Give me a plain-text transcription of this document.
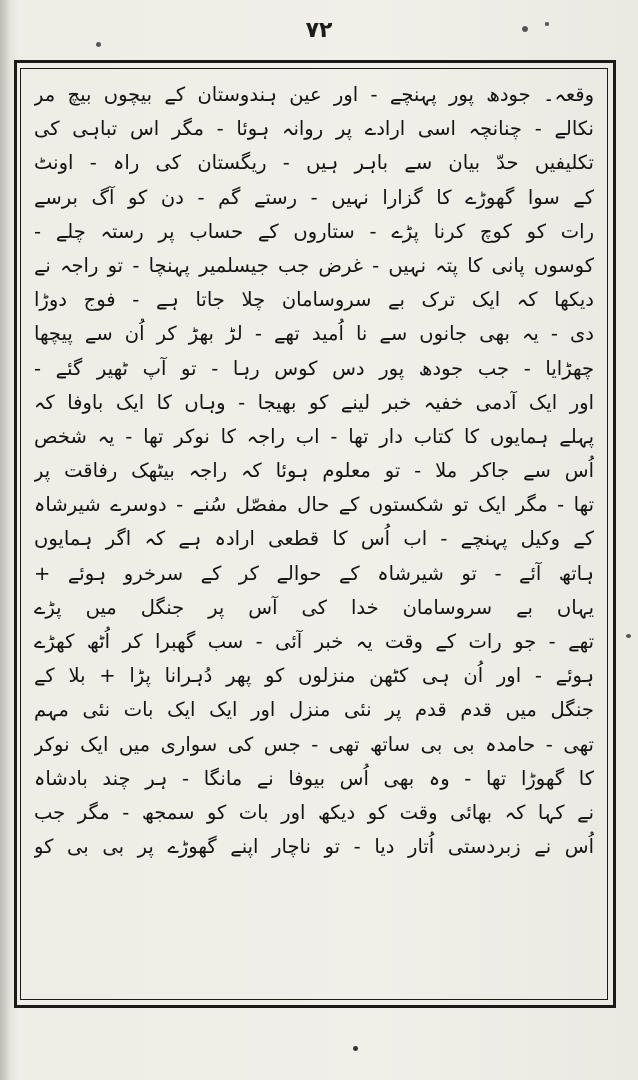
۷۲
وقعہ۔ جودھ پور پہنچے - اور عین ہندوستان کے بیچوں بیچ مر
نکالے - چنانچہ اسی ارادے پر روانہ ہوئا - مگر اس تباہی کی
تکلیفیں حدّ بیان سے باہر ہیں - ریگستان کی راہ - اونٹ
کے سوا گھوڑے کا گزارا نہیں - رستے گم - دن کو آگ برسے
رات کو کوچ کرنا پڑے - ستاروں کے حساب پر رستہ چلے -
کوسوں پانی کا پتہ نہیں - غرض جب جیسلمیر پہنچا - تو راجہ نے
دیکھا کہ ایک ترک بے سروسامان چلا جاتا ہے - فوج دوڑا
دی - یہ بھی جانوں سے نا اُمید تھے - لڑ بھڑ کر اُن سے پیچھا
چھڑایا - جب جودھ پور دس کوس رہا - تو آپ ٹھیر گئے -
اور ایک آدمی خفیہ خبر لینے کو بھیجا - وہاں کا ایک باوفا کہ
پہلے ہمایوں کا کتاب دار تھا - اب راجہ کا نوکر تھا - یہ شخص
اُس سے جاکر ملا - تو معلوم ہوئا کہ راجہ بیٹھک رفاقت پر
تھا - مگر ایک تو شکستوں کے حال مفصّل سُنے - دوسرے شیرشاہ
کے وکیل پہنچے - اب اُس کا قطعی ارادہ ہے کہ اگر ہمایوں
ہاتھ آئے - تو شیرشاہ کے حوالے کر کے سرخرو ہوئے +
یہاں بے سروسامان خدا کی آس پر جنگل میں پڑے
تھے - جو رات کے وقت یہ خبر آئی - سب گھبرا کر اُٹھ کھڑے
ہوئے - اور اُن ہی کٹھن منزلوں کو پھر دُہرانا پڑا + بلا کے
جنگل میں قدم قدم پر نئی منزل اور ایک ایک بات نئی مہم
تھی - حامدہ بی بی ساتھ تھی - جس کی سواری میں ایک نوکر
کا گھوڑا تھا - وہ بھی اُس بیوفا نے مانگا - ہر چند بادشاہ
نے کہا کہ بھائی وقت کو دیکھ اور بات کو سمجھ - مگر جب
اُس نے زبردستی اُتار دیا - تو ناچار اپنے گھوڑے پر بی بی کو
